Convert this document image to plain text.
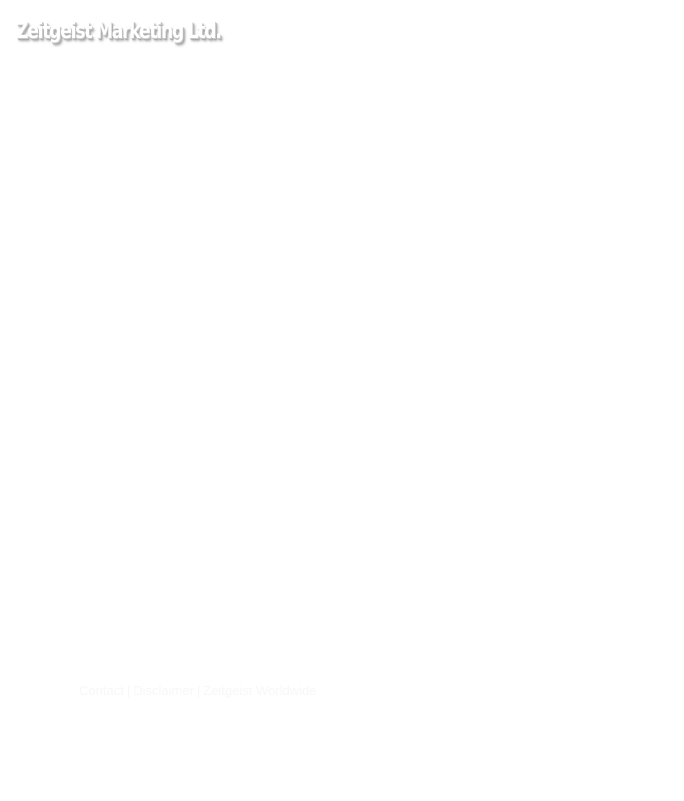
Zeitgeist Marketing Ltd.
Contact | Disclaimer | Zeitgeist Worldwide
